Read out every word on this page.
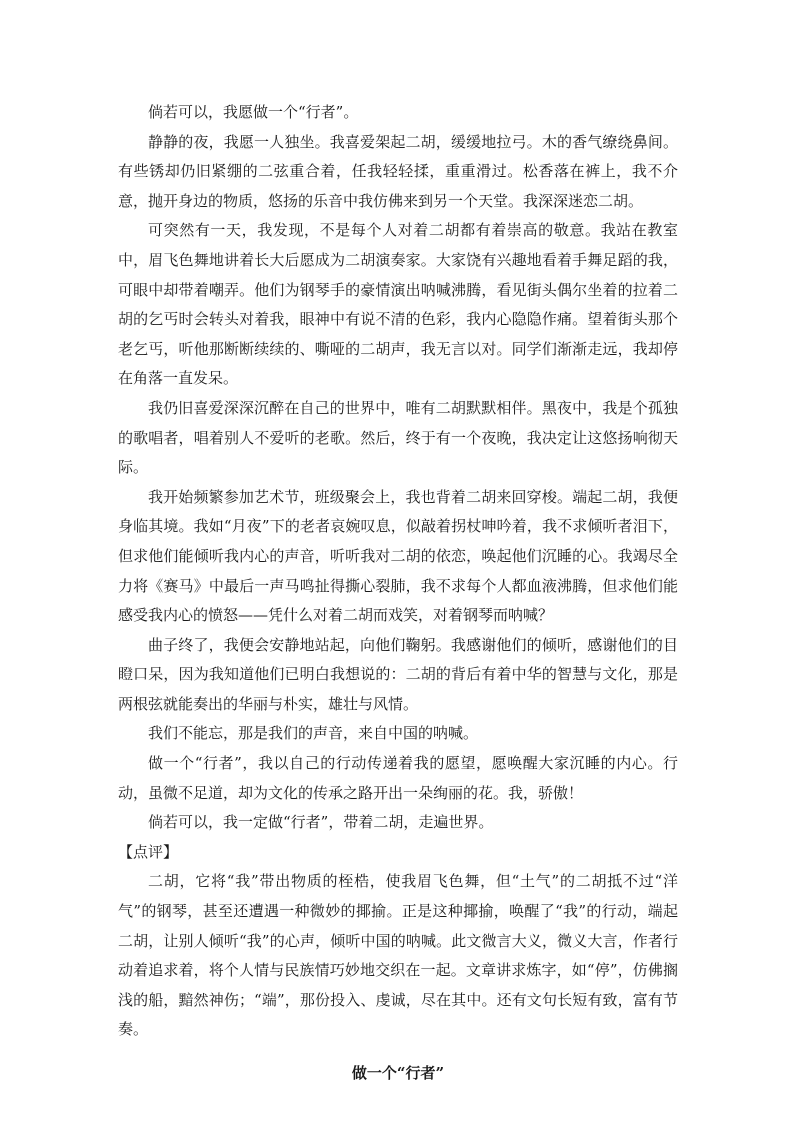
倘若可以，我愿做一个“行者”。

静静的夜，我愿一人独坐。我喜爱架起二胡，缓缓地拉弓。木的香气缭绕鼻间。有些锈却仍旧紧绷的二弦重合着，任我轻轻揉，重重滑过。松香落在裤上，我不介意，抛开身边的物质，悠扬的乐音中我仿佛来到另一个天堂。我深深迷恋二胡。

可突然有一天，我发现，不是每个人对着二胡都有着崇高的敬意。我站在教室中，眉飞色舞地讲着长大后愿成为二胡演奏家。大家饶有兴趣地看着手舞足蹈的我，可眼中却带着嘲弄。他们为钢琴手的豪情演出呐喊沸腾，看见街头偶尔坐着的拉着二胡的乞丐时会转头对着我，眼神中有说不清的色彩，我内心隐隐作痛。望着街头那个老乞丐，听他那断断续续的、嘶哑的二胡声，我无言以对。同学们渐渐走远，我却停在角落一直发呆。

我仍旧喜爱深深沉醉在自己的世界中，唯有二胡默默相伴。黑夜中，我是个孤独的歌唱者，唱着别人不爱听的老歌。然后，终于有一个夜晚，我决定让这悠扬响彻天际。

我开始频繁参加艺术节，班级聚会上，我也背着二胡来回穿梭。端起二胡，我便身临其境。我如“月夜”下的老者哀婉叹息，似敲着拐杖呻吟着，我不求倾听者泪下，但求他们能倾听我内心的声音，听听我对二胡的依恋，唤起他们沉睡的心。我竭尽全力将《赛马》中最后一声马鸣扯得撕心裂肺，我不求每个人都血液沸腾，但求他们能感受我内心的愤怒——凭什么对着二胡而戏笑，对着钢琴而呐喊？

曲子终了，我便会安静地站起，向他们鞠躬。我感谢他们的倾听，感谢他们的目瞪口呆，因为我知道他们已明白我想说的：二胡的背后有着中华的智慧与文化，那是两根弦就能奏出的华丽与朴实，雄壮与风情。

我们不能忘，那是我们的声音，来自中国的呐喊。

做一个“行者”，我以自己的行动传递着我的愿望，愿唤醒大家沉睡的内心。行动，虽微不足道，却为文化的传承之路开出一朵绚丽的花。我，骄傲！

倘若可以，我一定做“行者”，带着二胡，走遍世界。

【点评】

二胡，它将“我”带出物质的桎梏，使我眉飞色舞，但“土气”的二胡抵不过“洋气”的钢琴，甚至还遭遇一种微妙的揶揄。正是这种揶揄，唤醒了“我”的行动，端起二胡，让别人倾听“我”的心声，倾听中国的呐喊。此文微言大义，微义大言，作者行动着追求着，将个人情与民族情巧妙地交织在一起。文章讲求炼字，如“停”，仿佛搁浅的船，黯然神伤；“端”，那份投入、虔诚，尽在其中。还有文句长短有致，富有节奏。

做一个“行者”
